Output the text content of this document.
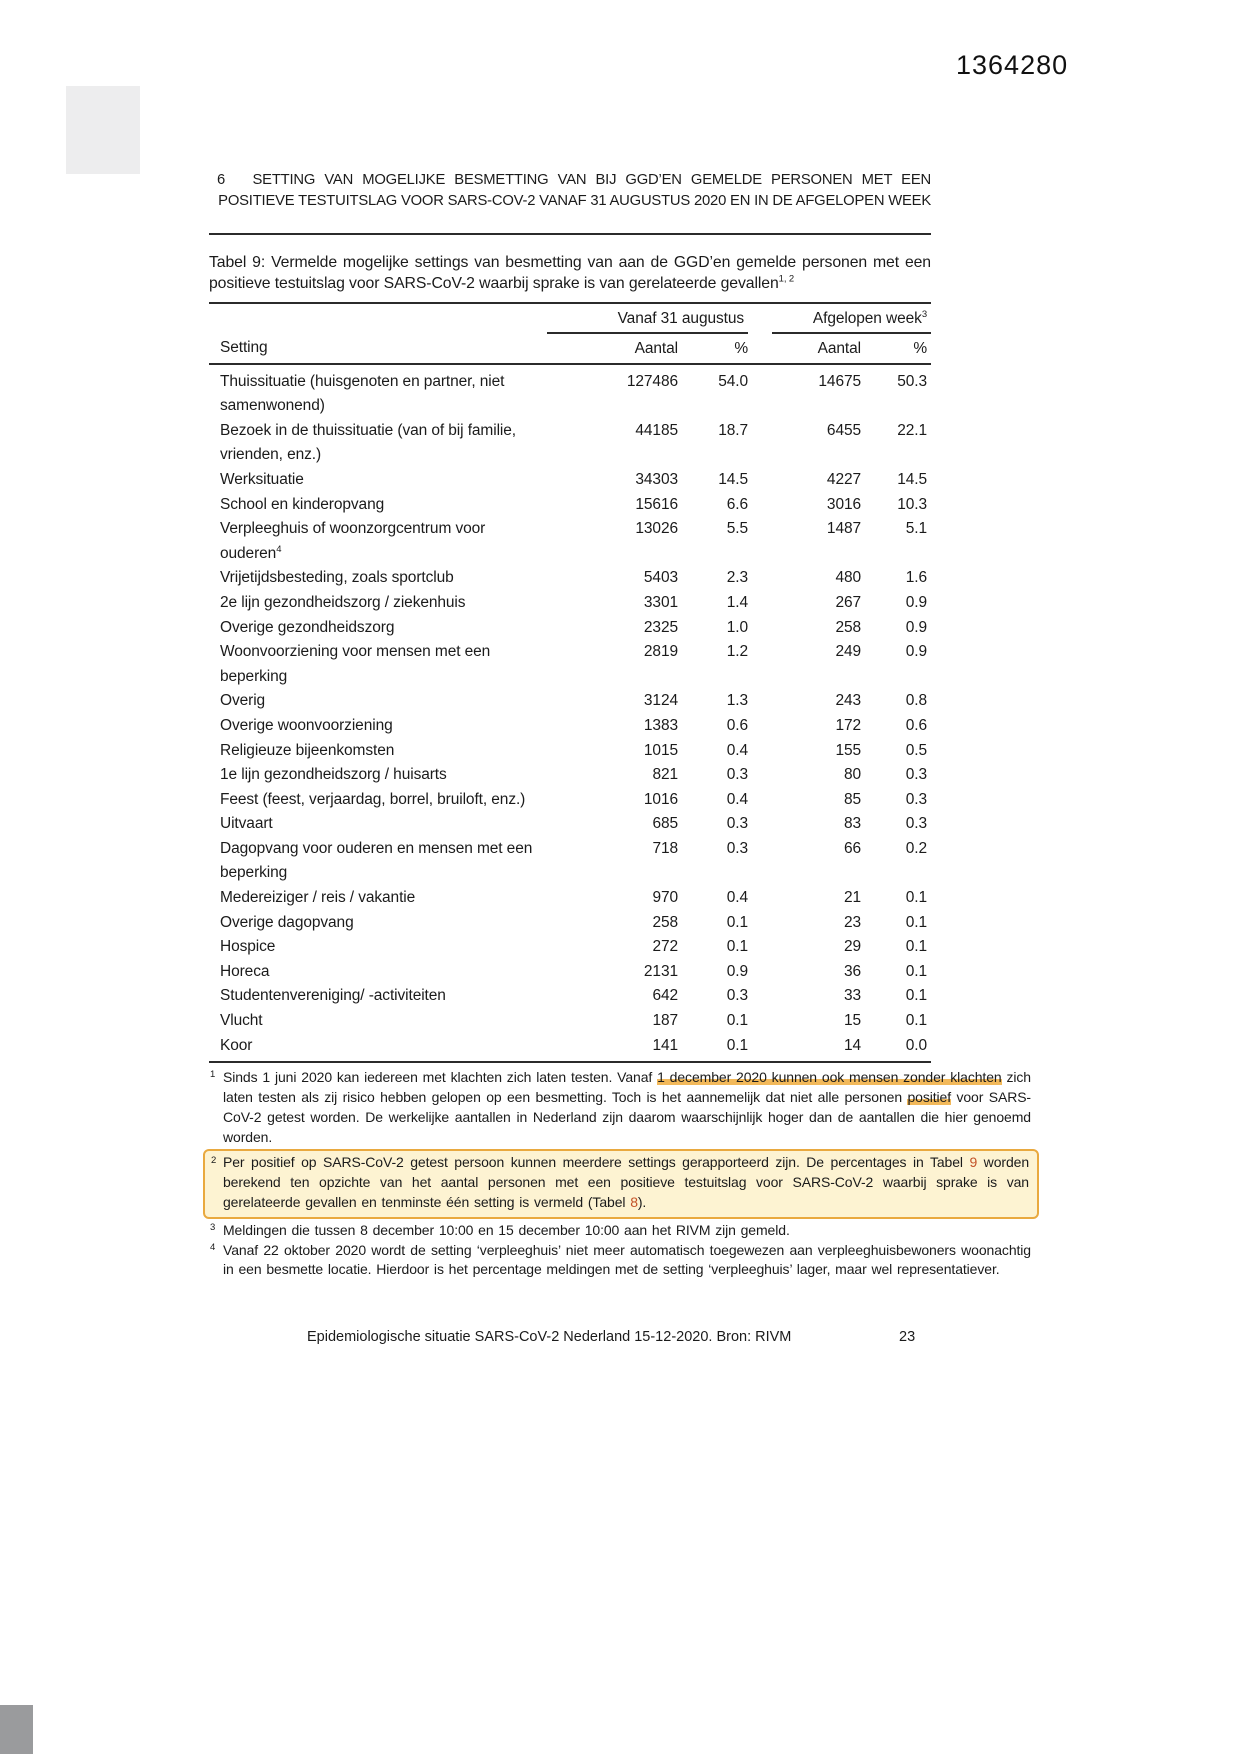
1364280
6   SETTING VAN MOGELIJKE BESMETTING VAN BIJ GGD’EN GEMELDE PERSONEN MET EEN POSITIEVE TESTUITSLAG VOOR SARS-COV-2 VANAF 31 AUGUSTUS 2020 EN IN DE AFGELOPEN WEEK

Tabel 9: Vermelde mogelijke settings van besmetting van aan de GGD’en gemelde personen met een positieve testuitslag voor SARS-CoV-2 waarbij sprake is van gerelateerde gevallen$^{1, 2}$

	Vanaf 31 augustus			Afgelopen week$^3$
Setting	Aantal	%		Aantal	%
Thuissituatie (huisgenoten en partner, niet samenwonend)	127486	54.0		14675	50.3
Bezoek in de thuissituatie (van of bij familie, vrienden, enz.)	44185	18.7		6455	22.1
Werksituatie	34303	14.5		4227	14.5
School en kinderopvang	15616	6.6		3016	10.3
Verpleeghuis of woonzorgcentrum voor ouderen$^4$	13026	5.5		1487	5.1
Vrijetijdsbesteding, zoals sportclub	5403	2.3		480	1.6
2e lijn gezondheidszorg / ziekenhuis	3301	1.4		267	0.9
Overige gezondheidszorg	2325	1.0		258	0.9
Woonvoorziening voor mensen met een beperking	2819	1.2		249	0.9
Overig	3124	1.3		243	0.8
Overige woonvoorziening	1383	0.6		172	0.6
Religieuze bijeenkomsten	1015	0.4		155	0.5
1e lijn gezondheidszorg / huisarts	821	0.3		80	0.3
Feest (feest, verjaardag, borrel, bruiloft, enz.)	1016	0.4		85	0.3
Uitvaart	685	0.3		83	0.3
Dagopvang voor ouderen en mensen met een beperking	718	0.3		66	0.2
Medereiziger / reis / vakantie	970	0.4		21	0.1
Overige dagopvang	258	0.1		23	0.1
Hospice	272	0.1		29	0.1
Horeca	2131	0.9		36	0.1
Studentenvereniging/ -activiteiten	642	0.3		33	0.1
Vlucht	187	0.1		15	0.1
Koor	141	0.1		14	0.0
1 Sinds 1 juni 2020 kan iedereen met klachten zich laten testen. Vanaf 1 december 2020 kunnen ook mensen zonder klachten zich laten testen als zij risico hebben gelopen op een besmetting. Toch is het aannemelijk dat niet alle personen positief voor SARS-CoV-2 getest worden. De werkelijke aantallen in Nederland zijn daarom waarschijnlijk hoger dan de aantallen die hier genoemd worden.
2 Per positief op SARS-CoV-2 getest persoon kunnen meerdere settings gerapporteerd zijn. De percentages in Tabel 9 worden berekend ten opzichte van het aantal personen met een positieve testuitslag voor SARS-CoV-2 waarbij sprake is van gerelateerde gevallen en tenminste één setting is vermeld (Tabel 8).
3 Meldingen die tussen 8 december 10:00 en 15 december 10:00 aan het RIVM zijn gemeld.
4 Vanaf 22 oktober 2020 wordt de setting ‘verpleeghuis’ niet meer automatisch toegewezen aan verpleeghuisbewoners woonachtig in een besmette locatie. Hierdoor is het percentage meldingen met de setting ‘verpleeghuis’ lager, maar wel representatiever.
Epidemiologische situatie SARS-CoV-2 Nederland 15-12-2020. Bron: RIVM	23
